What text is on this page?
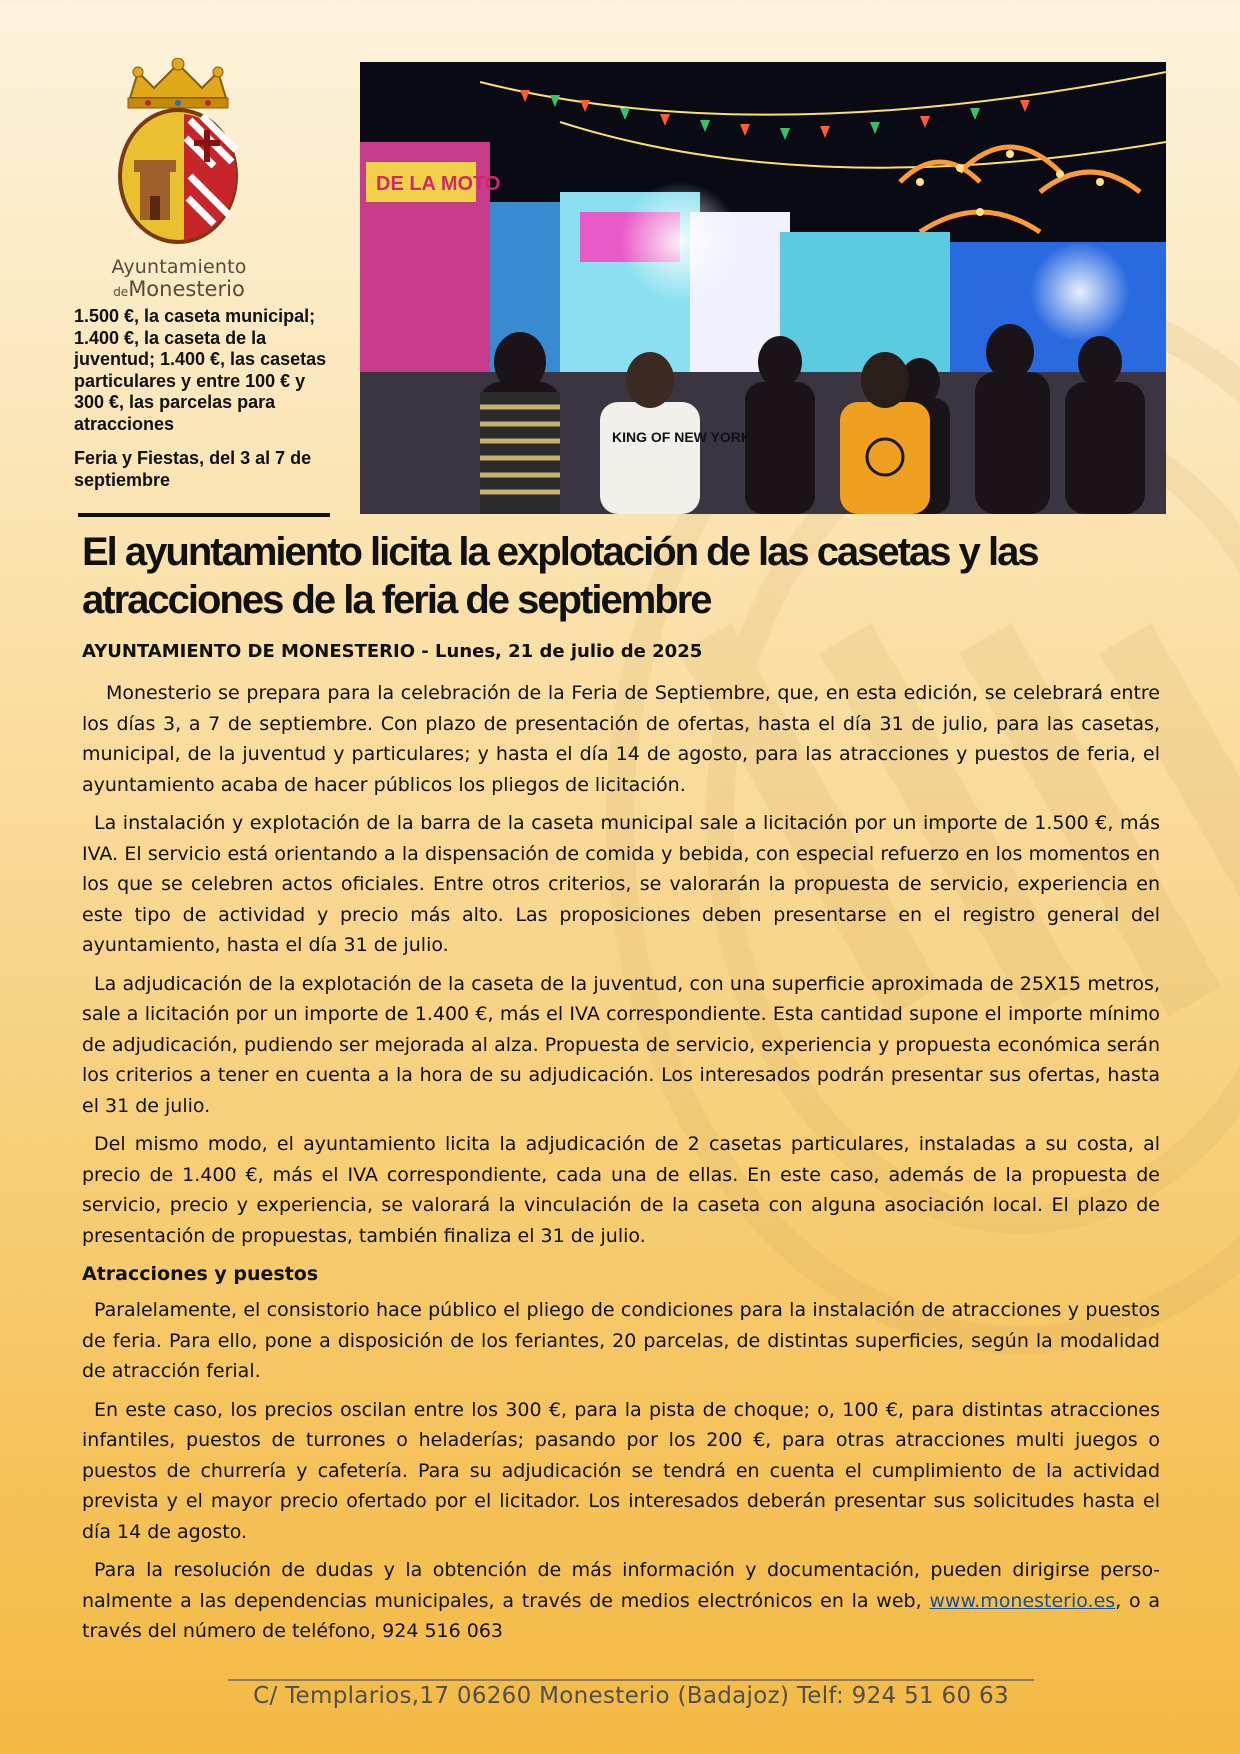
Ayuntamiento
deMonesterio
1.500 €, la caseta municipal; 1.400 €, la caseta de la juventud; 1.400 €, las casetas particulares y entre 100 € y 300 €, las parcelas para atracciones
Feria y Fiestas, del 3 al 7 de septiembre
DE LA MOTO
KING OF NEW YORK
El ayuntamiento licita la explotación de las casetas y las atracciones de la feria de septiembre
AYUNTAMIENTO DE MONESTERIO - Lunes, 21 de julio de 2025

Monesterio se prepara para la celebración de la Feria de Septiembre, que, en esta edición, se celebrará entre los días 3, a 7 de septiembre. Con plazo de presentación de ofertas, hasta el día 31 de julio, para las casetas, municipal, de la juventud y particulares; y hasta el día 14 de agosto, para las atracciones y puestos de feria, el ayuntamiento acaba de hacer públicos los pliegos de licitación.

La instalación y explotación de la barra de la caseta municipal sale a licitación por un importe de 1.500 €, más IVA. El servicio está orientando a la dispensación de comida y bebida, con especial refuerzo en los momentos en los que se celebren actos oficiales. Entre otros criterios, se valorarán la propuesta de servicio, experiencia en este tipo de actividad y precio más alto. Las proposiciones deben presentarse en el registro general del ayuntamiento, hasta el día 31 de julio.

La adjudicación de la explotación de la caseta de la juventud, con una superficie aproximada de 25X15 metros, sale a licitación por un importe de 1.400 €, más el IVA correspondiente. Esta cantidad supone el importe mínimo de adjudicación, pudiendo ser mejorada al alza. Propuesta de servicio, experiencia y propuesta económica serán los criterios a tener en cuenta a la hora de su adjudicación. Los interesados podrán presentar sus ofertas, hasta el 31 de julio.

Del mismo modo, el ayuntamiento licita la adjudicación de 2 casetas particulares, instaladas a su costa, al precio de 1.400 €, más el IVA correspondiente, cada una de ellas. En este caso, además de la propuesta de servicio, precio y experiencia, se valorará la vinculación de la caseta con alguna asociación local. El plazo de presentación de propuestas, también finaliza el 31 de julio.

Atracciones y puestos

Paralelamente, el consistorio hace público el pliego de condiciones para la instalación de atracciones y puestos de feria. Para ello, pone a disposición de los feriantes, 20 parcelas, de distintas superficies, según la modalidad de atracción ferial.

En este caso, los precios oscilan entre los 300 €, para la pista de choque; o, 100 €, para distintas atracciones infantiles, puestos de turrones o heladerías; pasando por los 200 €, para otras atracciones multi juegos o puestos de churrería y cafetería. Para su adjudicación se tendrá en cuenta el cumplimiento de la actividad prevista y el mayor precio ofertado por el licitador. Los interesados deberán presentar sus solicitudes hasta el día 14 de agosto.

Para la resolución de dudas y la obtención de más información y documentación, pueden dirigirse personalmente a las dependencias municipales, a través de medios electrónicos en la web, www.monesterio.es, o a través del número de teléfono, 924 516 063

C/ Templarios,17 06260 Monesterio (Badajoz) Telf: 924 51 60 63
